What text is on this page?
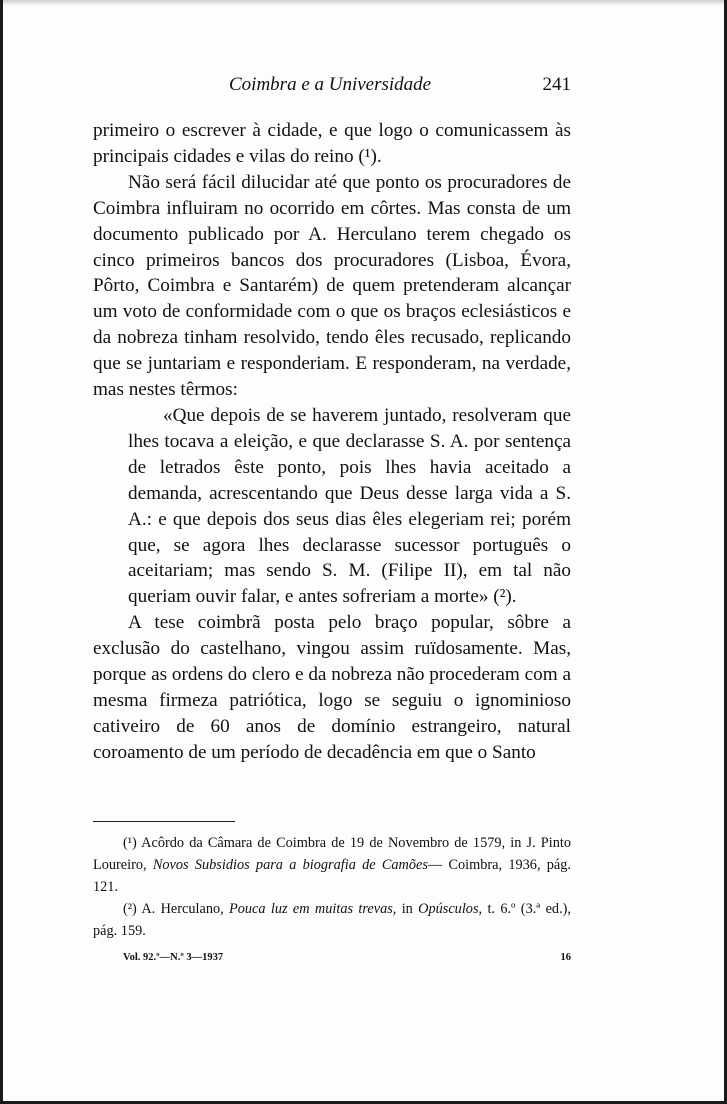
Coimbra e a Universidade	241

primeiro o escrever à cidade, e que logo o comunicassem às principais cidades e vilas do reino (¹).

Não será fácil dilucidar até que ponto os procuradores de Coimbra influiram no ocorrido em côrtes. Mas consta de um documento publicado por A. Herculano terem chegado os cinco primeiros bancos dos procuradores (Lisboa, Évora, Pôrto, Coimbra e Santarém) de quem pretenderam alcançar um voto de conformidade com o que os braços eclesiásticos e da nobreza tinham resolvido, tendo êles recusado, replicando que se juntariam e responderiam. E responderam, na verdade, mas nestes têrmos:

«Que depois de se haverem juntado, resolveram que lhes tocava a eleição, e que declarasse S. A. por sentença de letrados êste ponto, pois lhes havia aceitado a demanda, acrescentando que Deus desse larga vida a S. A.: e que depois dos seus dias êles elegeriam rei; porém que, se agora lhes declarasse sucessor português o aceitariam; mas sendo S. M. (Filipe II), em tal não queriam ouvir falar, e antes sofreriam a morte» (²).

A tese coimbrã posta pelo braço popular, sôbre a exclusão do castelhano, vingou assim ruïdosamente. Mas, porque as ordens do clero e da nobreza não procederam com a mesma firmeza patriótica, logo se seguiu o ignominioso cativeiro de 60 anos de domínio estrangeiro, natural coroamento de um período de decadência em que o Santo

(¹) Acôrdo da Câmara de Coimbra de 19 de Novembro de 1579, in J. Pinto Loureiro, Novos Subsidios para a biografia de Camões— Coimbra, 1936, pág. 121.

(²) A. Herculano, Pouca luz em muitas trevas, in Opúsculos, t. 6.º (3.ª ed.), pág. 159.

Vol. 92.º—N.º 3—1937	16
